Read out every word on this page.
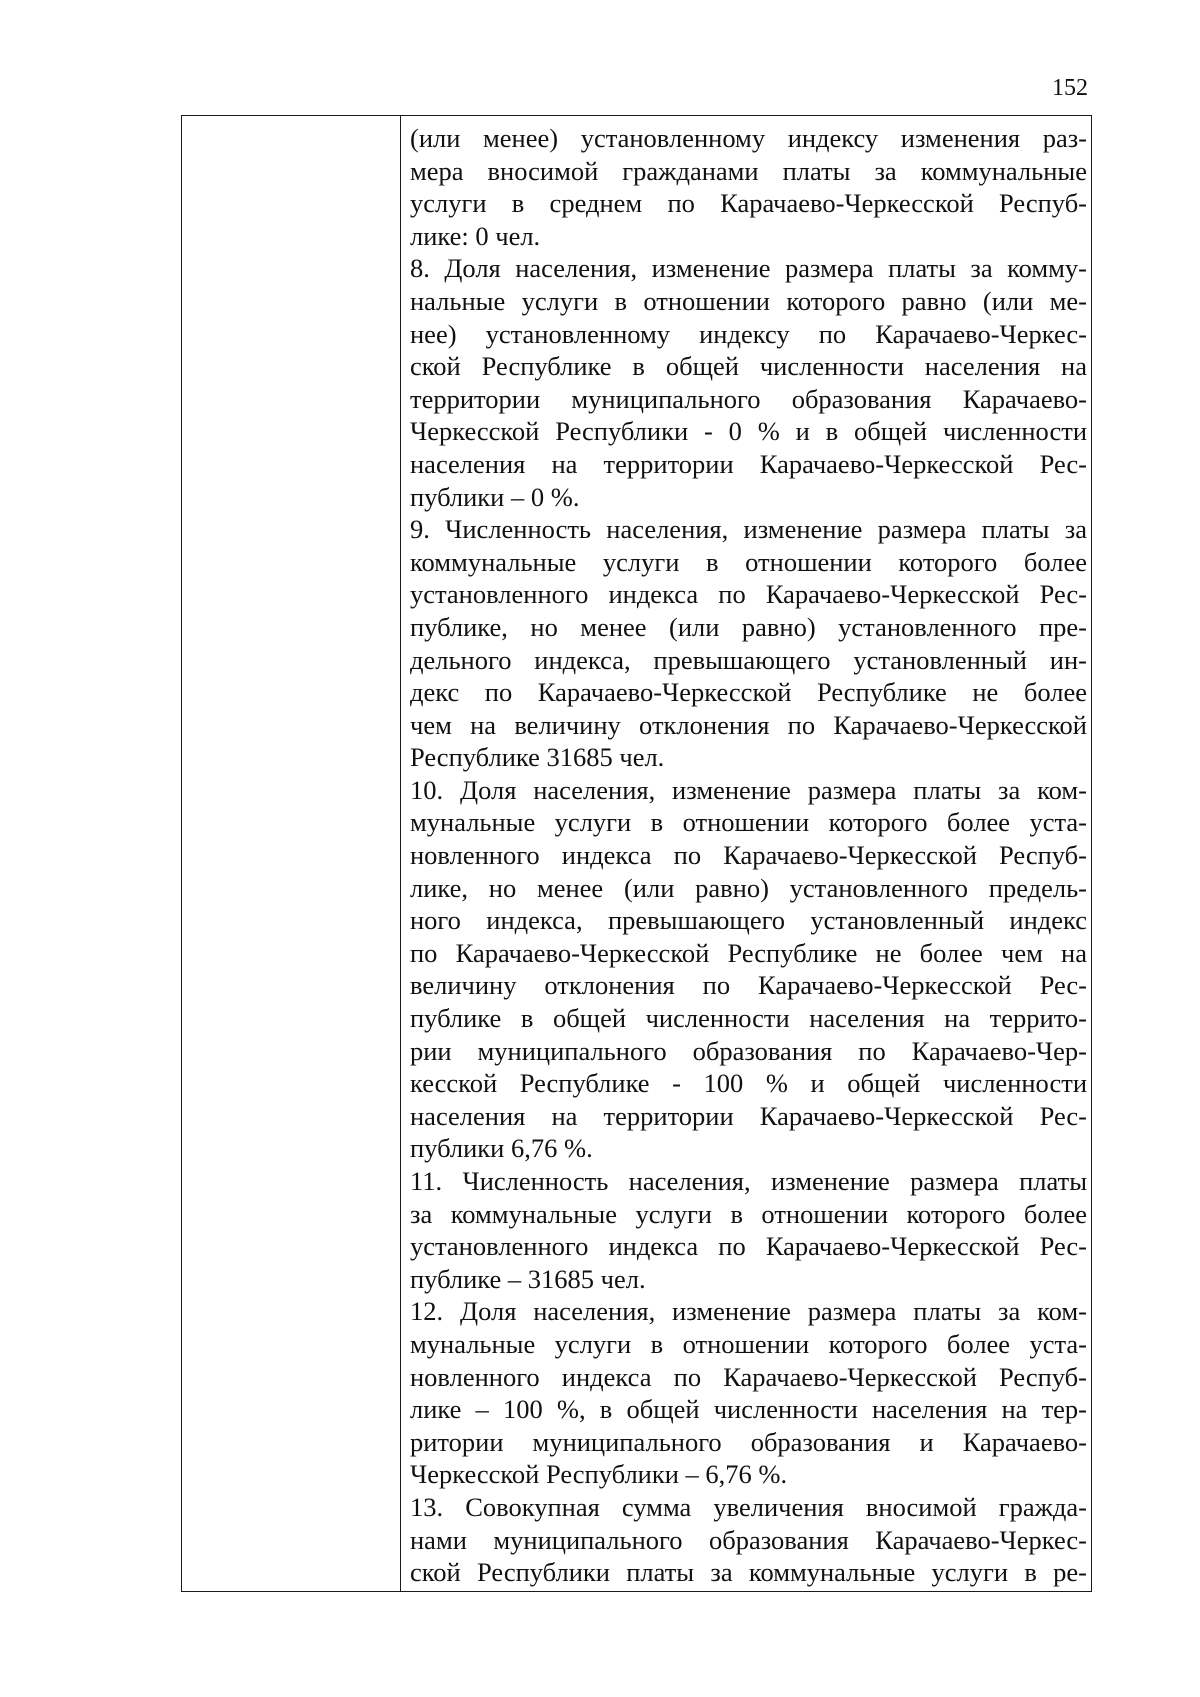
152
(или менее) установленному индексу изменения раз-
мера вносимой гражданами платы за коммунальные
услуги в среднем по Карачаево-Черкесской Респуб-
лике: 0 чел.
8. Доля населения, изменение размера платы за комму-
нальные услуги в отношении которого равно (или ме-
нее) установленному индексу по Карачаево-Черкес-
ской Республике в общей численности населения на
территории муниципального образования Карачаево-
Черкесской Республики - 0 % и в общей численности
населения на территории Карачаево-Черкесской Рес-
публики – 0 %.
9. Численность населения, изменение размера платы за
коммунальные услуги в отношении которого более
установленного индекса по Карачаево-Черкесской Рес-
публике, но менее (или равно) установленного пре-
дельного индекса, превышающего установленный ин-
декс по Карачаево-Черкесской Республике не более
чем на величину отклонения по Карачаево-Черкесской
Республике 31685 чел.
10. Доля населения, изменение размера платы за ком-
мунальные услуги в отношении которого более уста-
новленного индекса по Карачаево-Черкесской Респуб-
лике, но менее (или равно) установленного предель-
ного индекса, превышающего установленный индекс
по Карачаево-Черкесской Республике не более чем на
величину отклонения по Карачаево-Черкесской Рес-
публике в общей численности населения на террито-
рии муниципального образования по Карачаево-Чер-
кесской Республике - 100 % и общей численности
населения на территории Карачаево-Черкесской Рес-
публики 6,76 %.
11. Численность населения, изменение размера платы
за коммунальные услуги в отношении которого более
установленного индекса по Карачаево-Черкесской Рес-
публике – 31685 чел.
12. Доля населения, изменение размера платы за ком-
мунальные услуги в отношении которого более уста-
новленного индекса по Карачаево-Черкесской Респуб-
лике – 100 %, в общей численности населения на тер-
ритории муниципального образования и Карачаево-
Черкесской Республики – 6,76 %.
13. Совокупная сумма увеличения вносимой гражда-
нами муниципального образования Карачаево-Черкес-
ской Республики платы за коммунальные услуги в ре-
